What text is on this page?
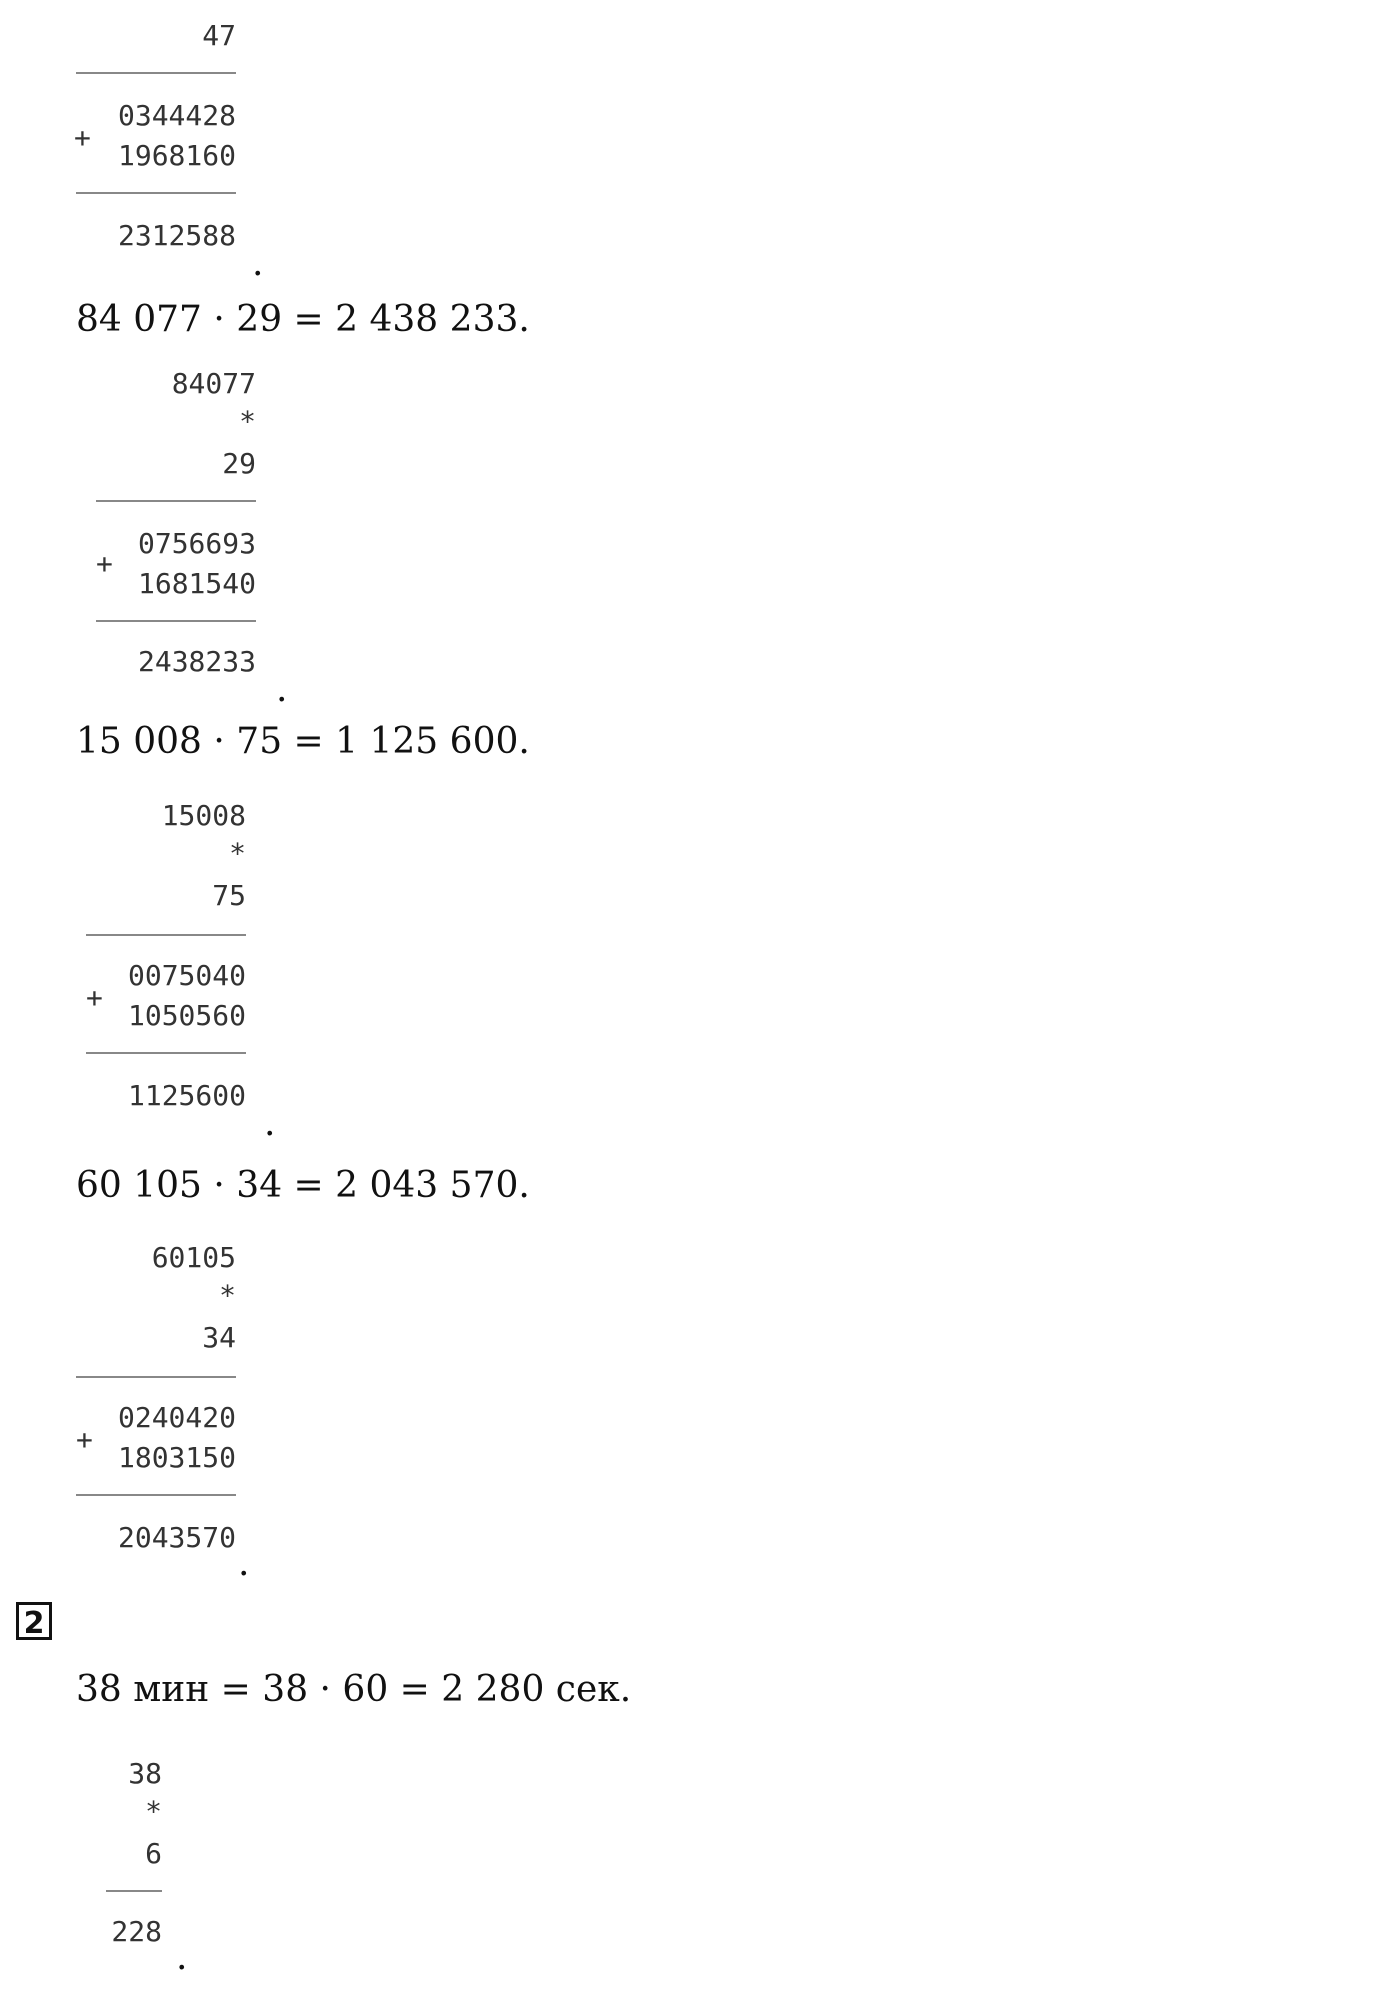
47
+
0344428
1968160
2312588
.
84 077 · 29 = 2 438 233.
84077
*
29
+
0756693
1681540
2438233
.
15 008 · 75 = 1 125 600.
15008
*
75
+
0075040
1050560
1125600
.
60 105 · 34 = 2 043 570.
60105
*
34
+
0240420
1803150
2043570
.
2
38 мин = 38 · 60 = 2 280 сек.
38
*
6
228
.
